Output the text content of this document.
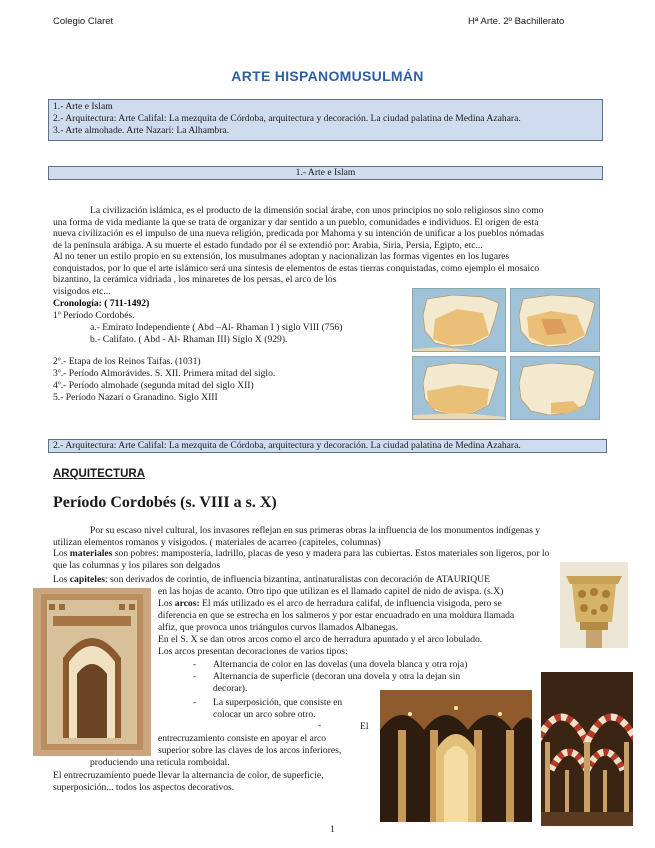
Colegio Claret	Hª Arte. 2º Bachillerato
ARTE HISPANOMUSULMÁN
1.- Arte e Islam
2.- Arquitectura: Arte Califal: La mezquita de Córdoba, arquitectura y decoración. La ciudad palatina de Medina Azahara.
3.- Arte almohade. Arte Nazarí: La Alhambra.
1.- Arte e Islam

La civilización islámica, es el producto de la dimensión social árabe, con unos principios no solo religiosos sino como

una forma de vida mediante la que se trata de organizar y dar sentido a un pueblo, comunidades e individuos. El origen de esta

nueva civilización es el impulso de una nueva religión, predicada por Mahoma y su intención de unificar a los pueblos nómadas

de la península arábiga. A su muerte el estado fundado por él se extendió por: Arabia, Siria, Persia, Egipto, etc...

Al no tener un estilo propio en su extensión, los musulmanes adoptan y nacionalizan las formas vigentes en los lugares

conquistados, por lo que el arte islámico será una síntesis de elementos de estas tierras conquistadas, como ejemplo el mosaico

bizantino, la cerámica vidriada , los minaretes de los persas, el arco de los
visigodos etc...
Cronología: ( 711-1492)
1º Período Cordobés.
a.- Emirato Independiente ( Abd –Al- Rhaman I ) siglo VIII (756)
b.- Califato. ( Abd - Al- Rhaman III) Siglo X (929).
2º.- Etapa de los Reinos Taifas. (1031)
3º.- Período Almorávides. S. XII. Primera mitad del siglo.
4º.- Período almohade (segunda mitad del siglo XII)
5.- Período Nazarí o Granadino. Siglo XIII
2.- Arquitectura: Arte Califal: La mezquita de Córdoba, arquitectura y decoración. La ciudad palatina de Medina Azahara.
ARQUITECTURA
Período Cordobés (s. VIII a s. X)

Por su escaso nivel cultural, los invasores reflejan en sus primeras obras la influencia de los monumentos indígenas y

utilizan elementos romanos y visigodos. ( materiales de acarreo (capiteles, columnas)

Los materiales son pobres: mampostería, ladrillo, placas de yeso y madera para las cubiertas. Estos materiales son ligeros, por lo

que las columnas y los pilares son delgados

Los capiteles: son derivados de corintio, de influencia bizantina, antinaturalistas con decoración de ATAURIQUE
en las hojas de acanto. Otro tipo que utilizan es el llamado capitel de nido de avispa. (s.X)
Los arcos: El más utilizado es el arco de herradura califal, de influencia visigoda, pero se
diferencia en que se estrecha en los salmeros y por estar encuadrado en una moldura llamada
alfiz, que provoca unos triángulos curvos llamados Albanegas.
En el S. X se dan otros arcos como el arco de herradura apuntado y el arco lobulado.
Los arcos presentan decoraciones de varios tipos:
- Alternancia de color en las dovelas (una dovela blanca y otra roja)
- Alternancia de superficie (decoran una dovela y otra la dejan sin
decorar).
- La superposición, que consiste en
colocar un arco sobre otro.
-	El
entrecruzamiento consiste en apoyar el arco
superior sobre las claves de los arcos inferiores,
produciendo una retícula romboidal.
El entrecruzamiento puede llevar la alternancia de color, de superficie,
superposición... todos los aspectos decorativos.
1
